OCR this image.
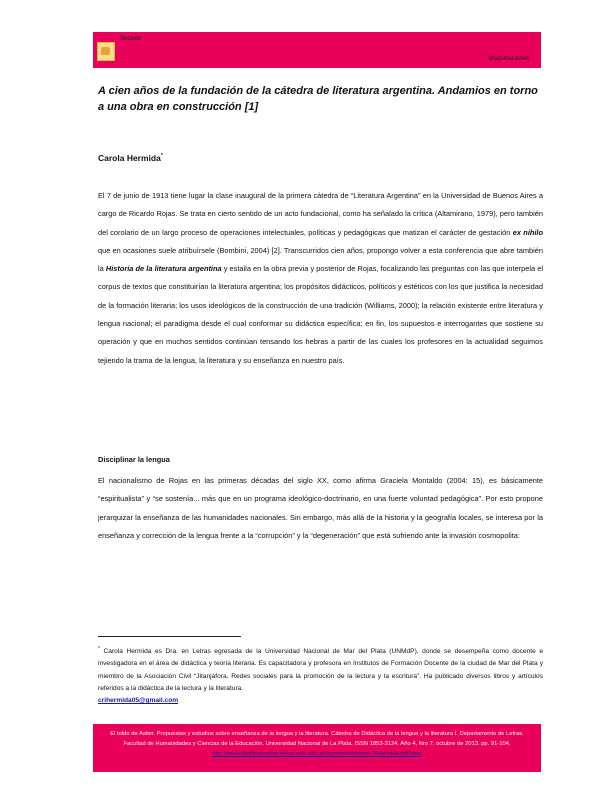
Sección
Maquinaciones
A cien años de la fundación de la cátedra de literatura argentina. Andamios en torno a una obra en construcción [1]
Carola Hermida*
El 7 de junio de 1913 tiene lugar la clase inaugural de la primera cátedra de “Literatura Argentina” en la Universidad de Buenos Aires a cargo de Ricardo Rojas. Se trata en cierto sentido de un acto fundacional, como ha señalado la crítica (Altamirano, 1979), pero también del corolario de un largo proceso de operaciones intelectuales, políticas y pedagógicas que matizan el carácter de gestación ex nihilo que en ocasiones suele atribuírsele (Bombini, 2004) [2]. Transcurridos cien años, propongo volver a esta conferencia que abre también la Historia de la literatura argentina y estaila en la obra previa y posterior de Rojas, focalizando las preguntas con las que interpela el corpus de textos que constituirían la literatura argentina; los propósitos didácticos, políticos y estéticos con los que justifica la necesidad de la formación literaria; los usos ideológicos de la construcción de una tradición (Williams, 2000); la relación existente entre literatura y lengua nacional; el paradigma desde el cual conformar su didáctica específica; en fin, los supuestos e interrogantes que sostiene su operación y que en muchos sentidos continúan tensando los hebras a partir de las cuales los profesores en la actualidad seguimos tejiendo la trama de la lengua, la literatura y su enseñanza en nuestro país.
Disciplinar la lengua
El nacionalismo de Rojas en las primeras décadas del siglo XX, como afirma Graciela Montaldo (2004: 15), es básicamente “espiritualista” y “se sostenía... más que en un programa ideológico-doctrinario, en una fuerte voluntad pedagógica”. Por esto propone jerarquizar la enseñanza de las humanidades nacionales. Sin embargo, más allá de la historia y la geografía locales, se interesa por la enseñanza y corrección de la lengua frente a la “corrupción” y la “degeneración” que está sufriendo ante la invasión cosmopolita:
* Carola Hermida es Dra. en Letras egresada de la Universidad Nacional de Mar del Plata (UNMdP), donde se desempeña como docente e investigadora en el área de didáctica y teoría literaria. Es capacitadora y profesora en Institutos de Formación Docente de la ciudad de Mar del Plata y miembro de la Asociación Civil “Jitanjáfora, Redes sociales para la promoción de la lectura y la escritura”. Ha publicado diversos libros y artículos referidos a la didáctica de la lectura y la literatura.
crihermida05@gmail.com
El toldo de Astier. Propuestas y estudios sobre enseñanza de la lengua y la literatura. Cátedra de Didáctica de la lengua y la literatura I. Departamento de Letras. Facultad de Humanidades y Ciencias de la Educación. Universidad Nacional de La Plata. ISSN 1853-3124. Año 4, Nro 7, octubre de 2013. pp. 91-104.
http://www.eltoldodeastier.fahce.unlp.edu.ar/numeros/numero-7/Hermida.pdf/view
